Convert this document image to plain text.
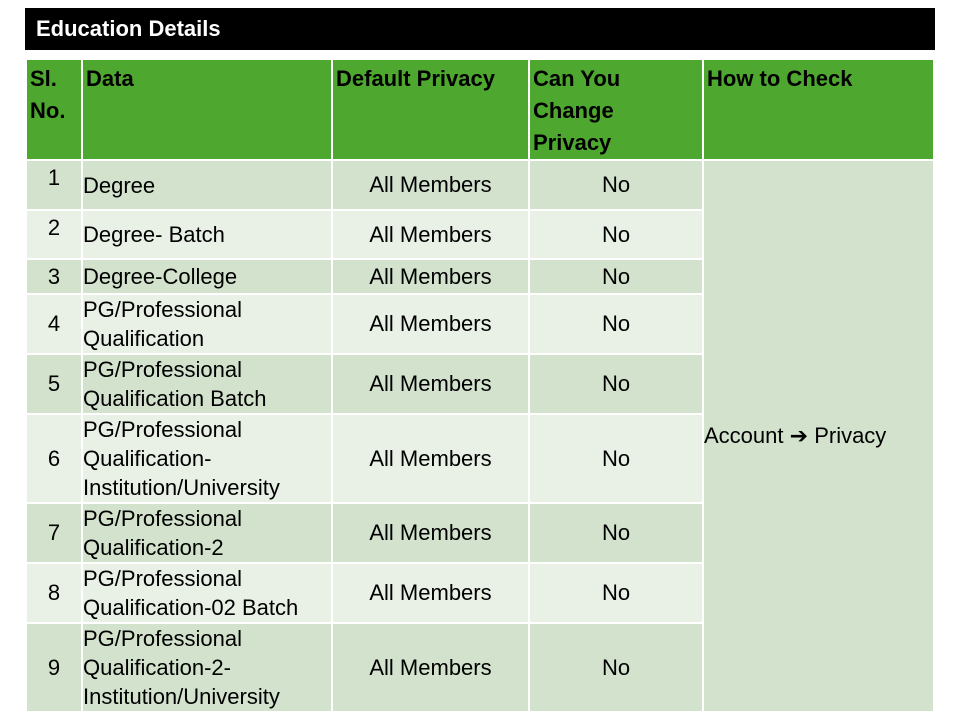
Education Details
Sl. No.	Data	Default Privacy	Can You Change Privacy	How to Check
1	Degree	All Members	No	Account ➔ Privacy
2	Degree- Batch	All Members	No	
3	Degree-College	All Members	No	
4	PG/Professional Qualification	All Members	No	
5	PG/Professional Qualification Batch	All Members	No	
6	PG/Professional Qualification-Institution/University	All Members	No	
7	PG/Professional Qualification-2	All Members	No	
8	PG/Professional Qualification-02 Batch	All Members	No	
9	PG/Professional Qualification-2-Institution/University	All Members	No	
